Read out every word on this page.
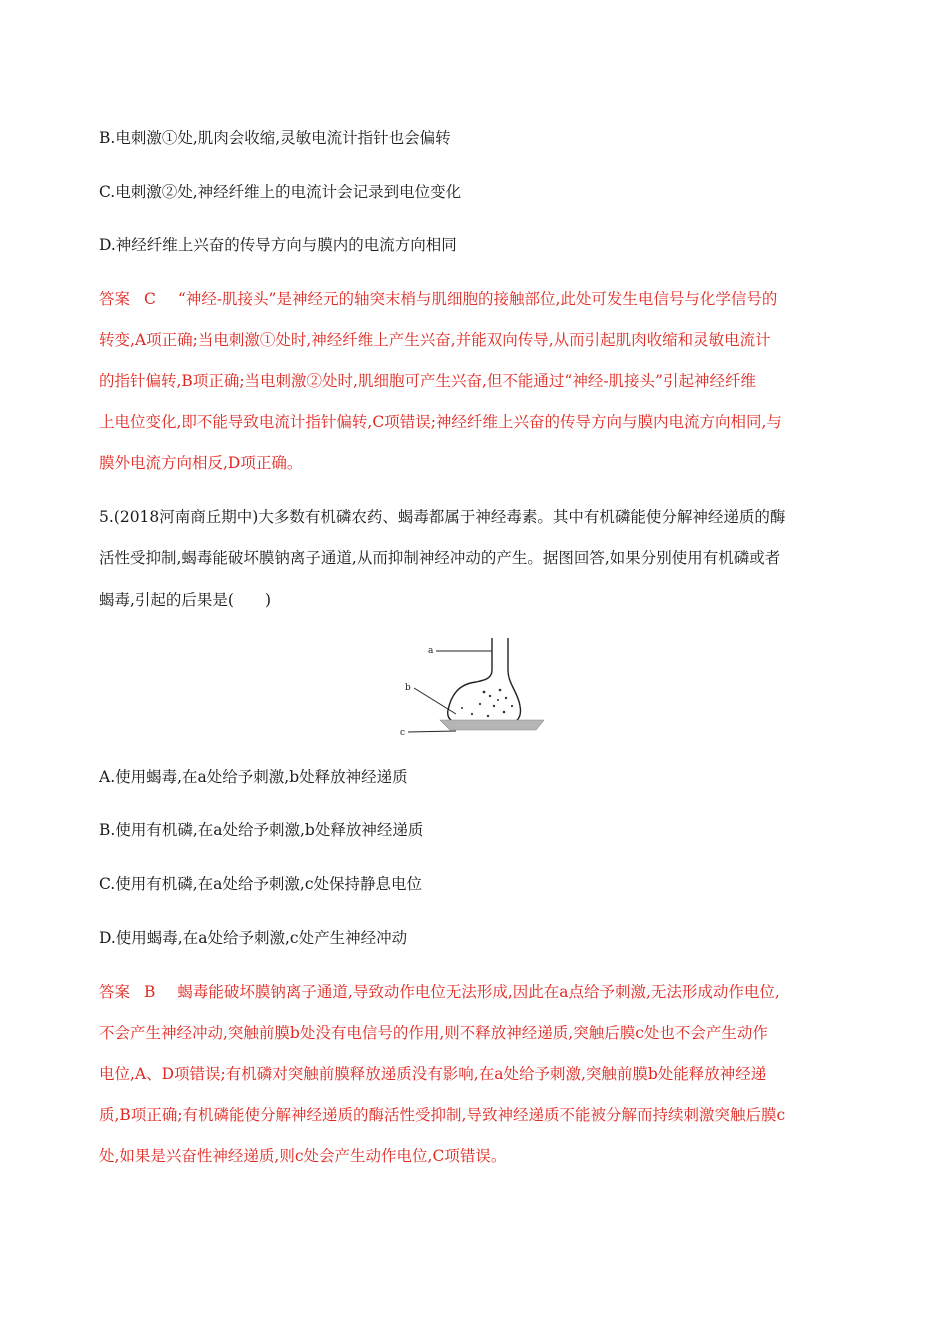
B.电刺激①处,肌肉会收缩,灵敏电流计指针也会偏转
C.电刺激②处,神经纤维上的电流计会记录到电位变化
D.神经纤维上兴奋的传导方向与膜内的电流方向相同
答案 C “神经-肌接头”是神经元的轴突末梢与肌细胞的接触部位,此处可发生电信号与化学信号的
转变,A项正确;当电刺激①处时,神经纤维上产生兴奋,并能双向传导,从而引起肌肉收缩和灵敏电流计
的指针偏转,B项正确;当电刺激②处时,肌细胞可产生兴奋,但不能通过“神经-肌接头”引起神经纤维
上电位变化,即不能导致电流计指针偏转,C项错误;神经纤维上兴奋的传导方向与膜内电流方向相同,与
膜外电流方向相反,D项正确。
5.(2018河南商丘期中)大多数有机磷农药、蝎毒都属于神经毒素。其中有机磷能使分解神经递质的酶
活性受抑制,蝎毒能破坏膜钠离子通道,从而抑制神经冲动的产生。据图回答,如果分别使用有机磷或者
蝎毒,引起的后果是(　　)
a
b
c
A.使用蝎毒,在a处给予刺激,b处释放神经递质
B.使用有机磷,在a处给予刺激,b处释放神经递质
C.使用有机磷,在a处给予刺激,c处保持静息电位
D.使用蝎毒,在a处给予刺激,c处产生神经冲动
答案 B 蝎毒能破坏膜钠离子通道,导致动作电位无法形成,因此在a点给予刺激,无法形成动作电位,
不会产生神经冲动,突触前膜b处没有电信号的作用,则不释放神经递质,突触后膜c处也不会产生动作
电位,A、D项错误;有机磷对突触前膜释放递质没有影响,在a处给予刺激,突触前膜b处能释放神经递
质,B项正确;有机磷能使分解神经递质的酶活性受抑制,导致神经递质不能被分解而持续刺激突触后膜c
处,如果是兴奋性神经递质,则c处会产生动作电位,C项错误。
